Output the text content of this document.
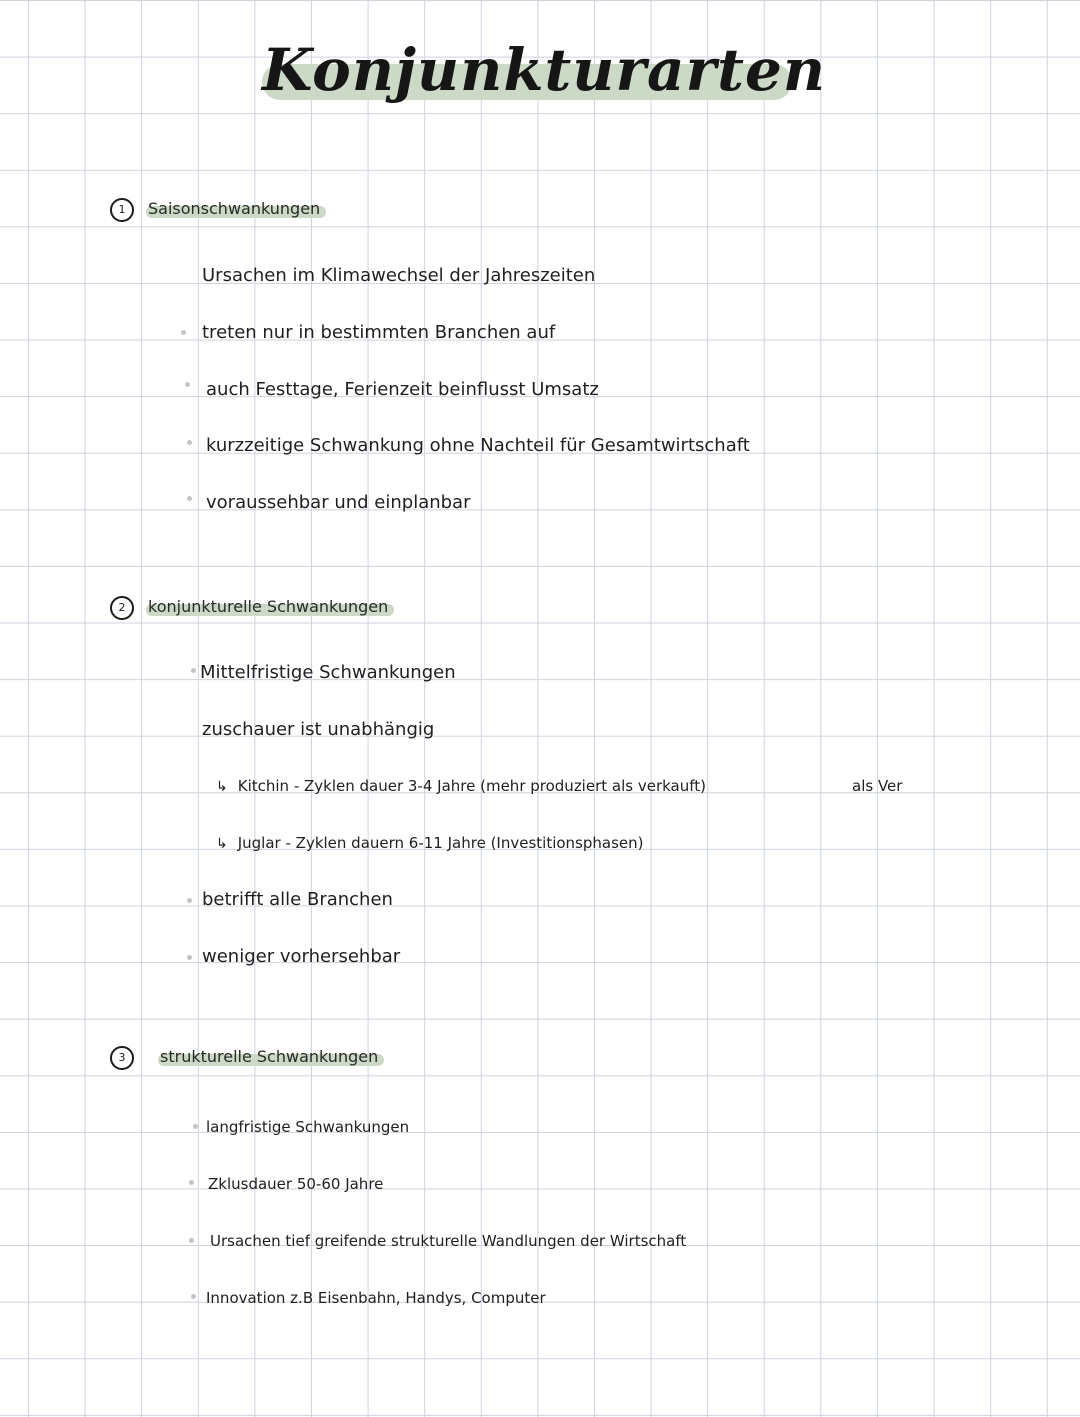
Konjunkturarten
1	Saisonschwankungen
Ursachen im Klimawechsel der Jahreszeiten
treten nur in bestimmten Branchen auf
auch Festtage, Ferienzeit beinflusst Umsatz
kurzzeitige Schwankung ohne Nachteil für Gesamtwirtschaft
voraussehbar und einplanbar
2	konjunkturelle Schwankungen
Mittelfristige Schwankungen
zuschauer ist unabhängig
↳ Kitchin - Zyklen dauer 3-4 Jahre (mehr produziert als verkauft)	als Ver
↳ Juglar - Zyklen dauern 6-11 Jahre (Investitionsphasen)
betrifft alle Branchen
weniger vorhersehbar
3	strukturelle Schwankungen
langfristige Schwankungen
Zklusdauer 50-60 Jahre
Ursachen tief greifende strukturelle Wandlungen der Wirtschaft
Innovation z.B Eisenbahn, Handys, Computer
